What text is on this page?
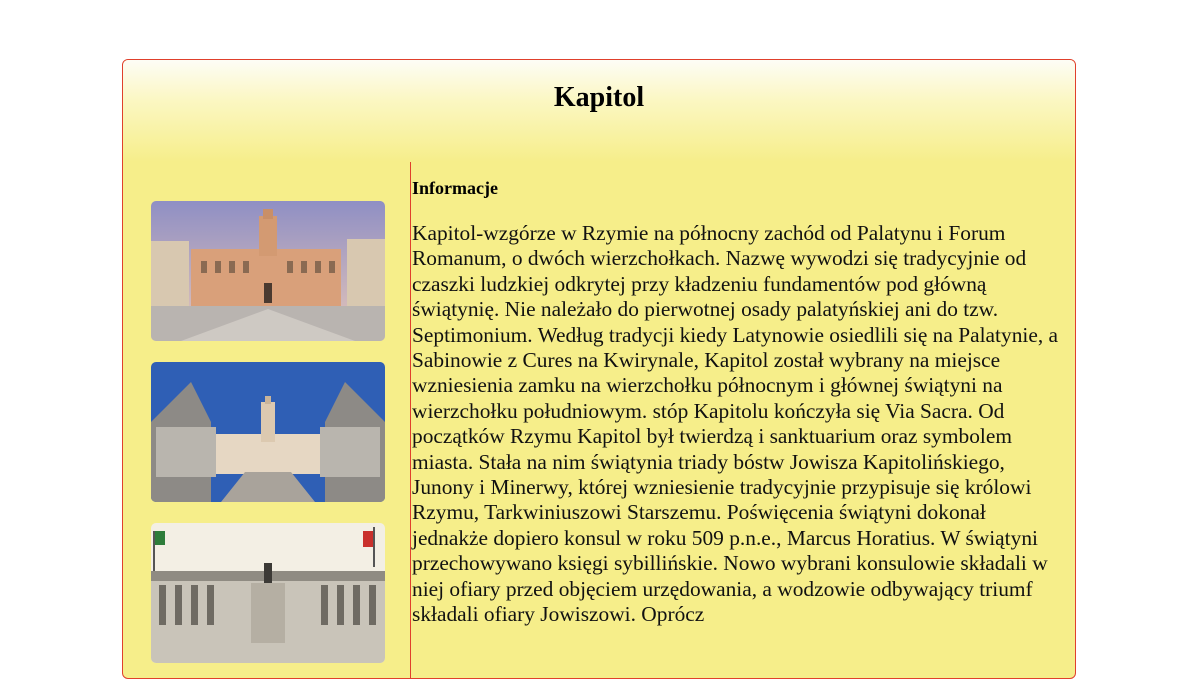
Kapitol
Informacje

Kapitol-wzgórze w Rzymie na północny zachód od Palatynu i Forum Romanum, o dwóch wierzchołkach. Nazwę wywodzi się tradycyjnie od czaszki ludzkiej odkrytej przy kładzeniu fundamentów pod główną świątynię. Nie należało do pierwotnej osady palatyńskiej ani do tzw. Septimonium. Według tradycji kiedy Latynowie osiedlili się na Palatynie, a Sabinowie z Cures na Kwirynale, Kapitol został wybrany na miejsce wzniesienia zamku na wierzchołku północnym i głównej świątyni na wierzchołku południowym. stóp Kapitolu kończyła się Via Sacra. Od początków Rzymu Kapitol był twierdzą i sanktuarium oraz symbolem miasta. Stała na nim świątynia triady bóstw Jowisza Kapitolińskiego, Junony i Minerwy, której wzniesienie tradycyjnie przypisuje się królowi Rzymu, Tarkwiniuszowi Starszemu. Poświęcenia świątyni dokonał jednakże dopiero konsul w roku 509 p.n.e., Marcus Horatius. W świątyni przechowywano księgi sybillińskie. Nowo wybrani konsulowie składali w niej ofiary przed objęciem urzędowania, a wodzowie odbywający triumf składali ofiary Jowiszowi. Oprócz
